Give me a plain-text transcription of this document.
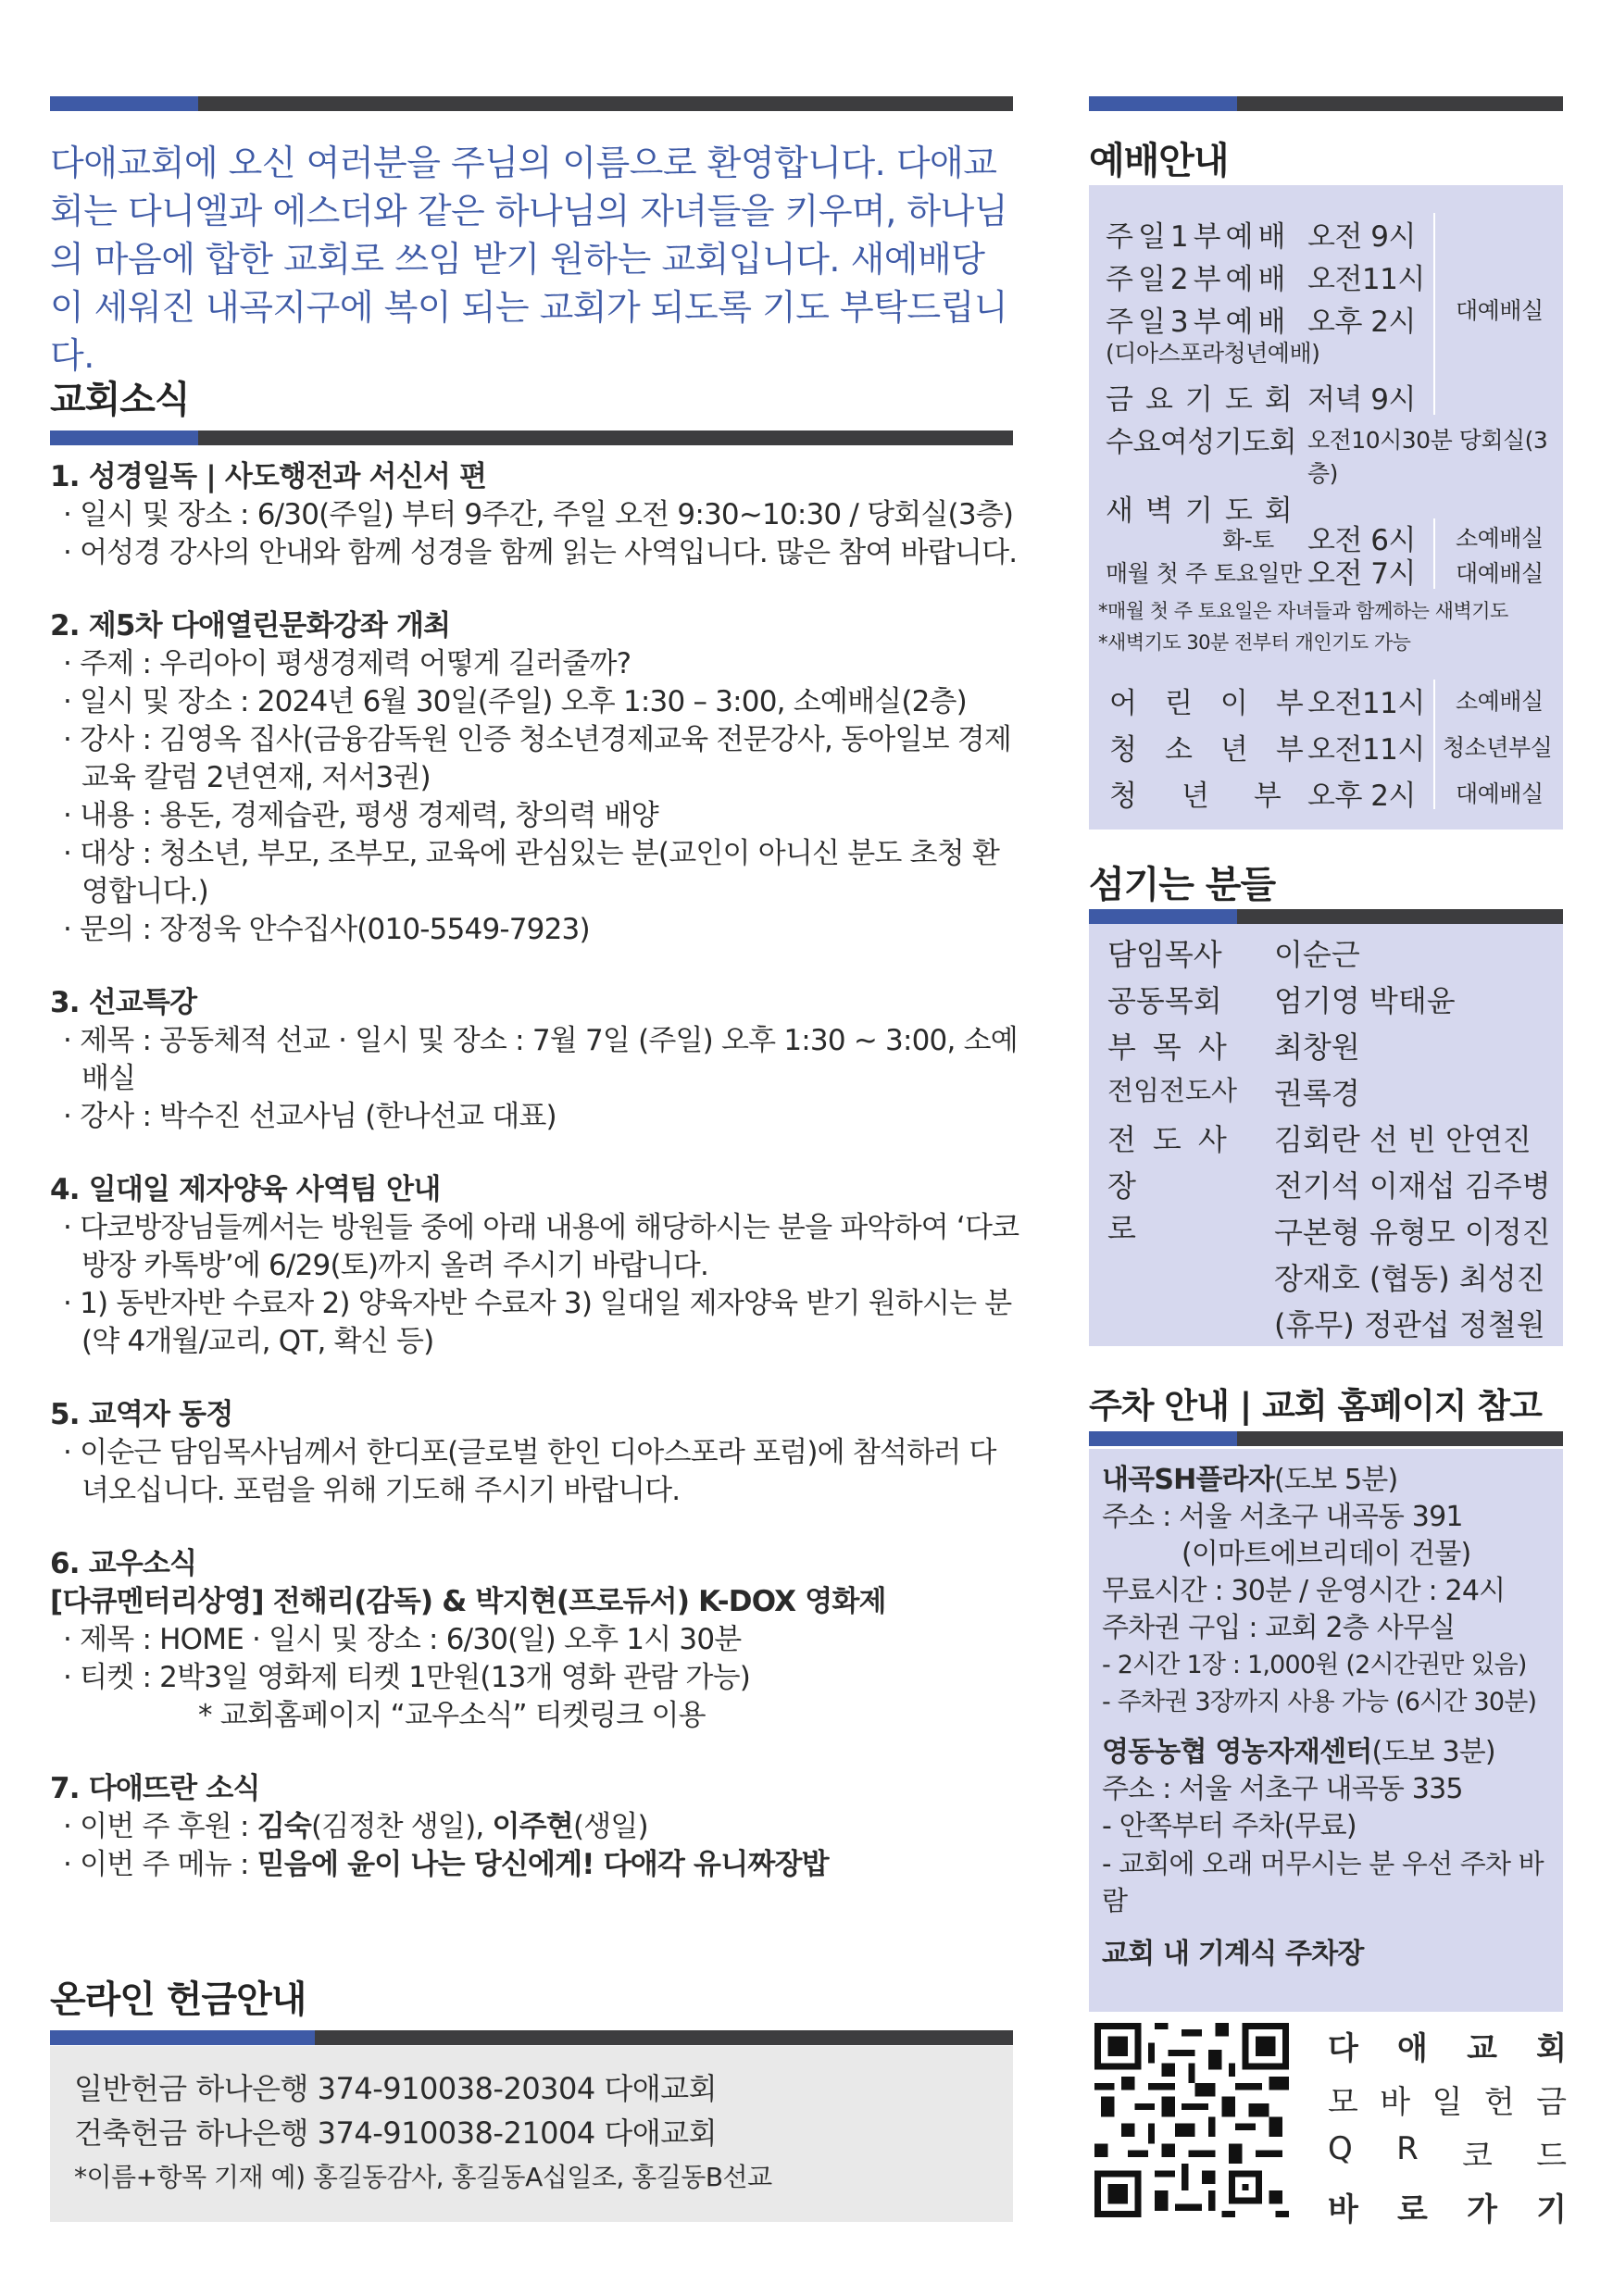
다애교회에 오신 여러분을 주님의 이름으로 환영합니다. 다애교회는 다니엘과 에스더와 같은 하나님의 자녀들을 키우며, 하나님의 마음에 합한 교회로 쓰임 받기 원하는 교회입니다. 새예배당이 세워진 내곡지구에 복이 되는 교회가 되도록 기도 부탁드립니다.
교회소식
1. 성경일독 | 사도행전과 서신서 편
· 일시 및 장소 : 6/30(주일) 부터 9주간, 주일 오전 9:30~10:30 / 당회실(3층)
· 어성경 강사의 안내와 함께 성경을 함께 읽는 사역입니다. 많은 참여 바랍니다.
2. 제5차 다애열린문화강좌 개최
· 주제 : 우리아이 평생경제력 어떻게 길러줄까?
· 일시 및 장소 : 2024년 6월 30일(주일) 오후 1:30 – 3:00, 소예배실(2층)
· 강사 : 김영옥 집사(금융감독원 인증 청소년경제교육 전문강사, 동아일보 경제교육 칼럼 2년연재, 저서3권)
· 내용 : 용돈, 경제습관, 평생 경제력, 창의력 배양
· 대상 : 청소년, 부모, 조부모, 교육에 관심있는 분(교인이 아니신 분도 초청 환영합니다.)
· 문의 : 장정욱 안수집사(010-5549-7923)
3. 선교특강
· 제목 : 공동체적 선교 · 일시 및 장소 : 7월 7일 (주일) 오후 1:30 ~ 3:00, 소예배실
· 강사 : 박수진 선교사님 (한나선교 대표)
4. 일대일 제자양육 사역팀 안내
· 다코방장님들께서는 방원들 중에 아래 내용에 해당하시는 분을 파악하여 ‘다코방장 카톡방’에 6/29(토)까지 올려 주시기 바랍니다.
· 1) 동반자반 수료자 2) 양육자반 수료자 3) 일대일 제자양육 받기 원하시는 분(약 4개월/교리, QT, 확신 등)
5. 교역자 동정
· 이순근 담임목사님께서 한디포(글로벌 한인 디아스포라 포럼)에 참석하러 다녀오십니다. 포럼을 위해 기도해 주시기 바랍니다.
6. 교우소식
[다큐멘터리상영] 전해리(감독) & 박지현(프로듀서) K-DOX 영화제
· 제목 : HOME · 일시 및 장소 : 6/30(일) 오후 1시 30분
· 티켓 : 2박3일 영화제 티켓 1만원(13개 영화 관람 가능)
* 교회홈페이지 “교우소식” 티켓링크 이용
7. 다애뜨란 소식
· 이번 주 후원 : 김숙(김정찬 생일), 이주현(생일)
· 이번 주 메뉴 : 믿음에 윤이 나는 당신에게! 다애각 유니짜장밥
온라인 헌금안내
일반헌금 하나은행 374-910038-20304 다애교회
건축헌금 하나은행 374-910038-21004 다애교회
*이름+항목 기재 예) 홍길동감사, 홍길동A십일조, 홍길동B선교
예배안내
주일1부예배 오전 9시
주일2부예배 오전11시
주일3부예배 오후 2시
(디아스포라청년예배)
대예배실
금요기도회 저녁 9시
수요여성기도회 오전10시30분 당회실(3층)
새벽기도회
화-토 오전 6시 소예배실
매월 첫 주 토요일만 오전 7시 대예배실
*매월 첫 주 토요일은 자녀들과 함께하는 새벽기도
*새벽기도 30분 전부터 개인기도 가능
어린이부
오전11시 소예배실
청소년부
오전11시 청소년부실
청년부
오후 2시 대예배실
섬기는 분들
담임목사 이순근
공동목회 엄기영 박태윤
부목사 최창원
전임전도사 권록경
전도사 김회란 선 빈 안연진
장로
전기석 이재섭 김주병
구본형 유형모 이정진
장재호 (협동) 최성진
(휴무) 정관섭 정철원
주차 안내 | 교회 홈페이지 참고
내곡SH플라자(도보 5분)
주소 : 서울 서초구 내곡동 391
(이마트에브리데이 건물)
무료시간 : 30분 / 운영시간 : 24시
주차권 구입 : 교회 2층 사무실
- 2시간 1장 : 1,000원 (2시간권만 있음)
- 주차권 3장까지 사용 가능 (6시간 30분)
영동농협 영농자재센터(도보 3분)
주소 : 서울 서초구 내곡동 335
- 안쪽부터 주차(무료)
- 교회에 오래 머무시는 분 우선 주차 바람
교회 내 기계식 주차장
다 애 교 회
모 바 일 헌 금
Q R 코 드
바 로 가 기
